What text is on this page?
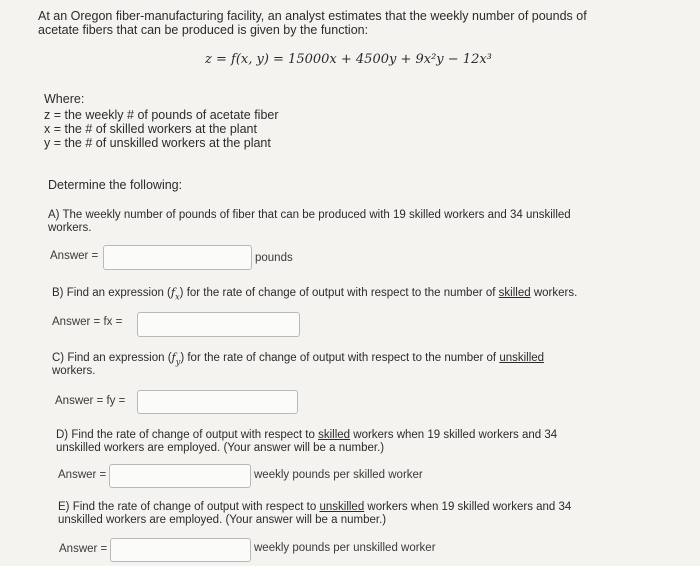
At an Oregon fiber-manufacturing facility, an analyst estimates that the weekly number of pounds of
acetate fibers that can be produced is given by the function:
z = f(x, y) = 15000x + 4500y + 9x²y − 12x³
Where:
z = the weekly # of pounds of acetate fiber
x = the # of skilled workers at the plant
y = the # of unskilled workers at the plant
Determine the following:
A) The weekly number of pounds of fiber that can be produced with 19 skilled workers and 34 unskilled
workers.
Answer =	pounds
B) Find an expression $(f_x)$ for the rate of change of output with respect to the number of skilled workers.
Answer = fx =
C) Find an expression $(f_y)$ for the rate of change of output with respect to the number of unskilled
workers.
Answer = fy =
D) Find the rate of change of output with respect to skilled workers when 19 skilled workers and 34
unskilled workers are employed. (Your answer will be a number.)
Answer =	weekly pounds per skilled worker
E) Find the rate of change of output with respect to unskilled workers when 19 skilled workers and 34
unskilled workers are employed. (Your answer will be a number.)
Answer =	weekly pounds per unskilled worker
